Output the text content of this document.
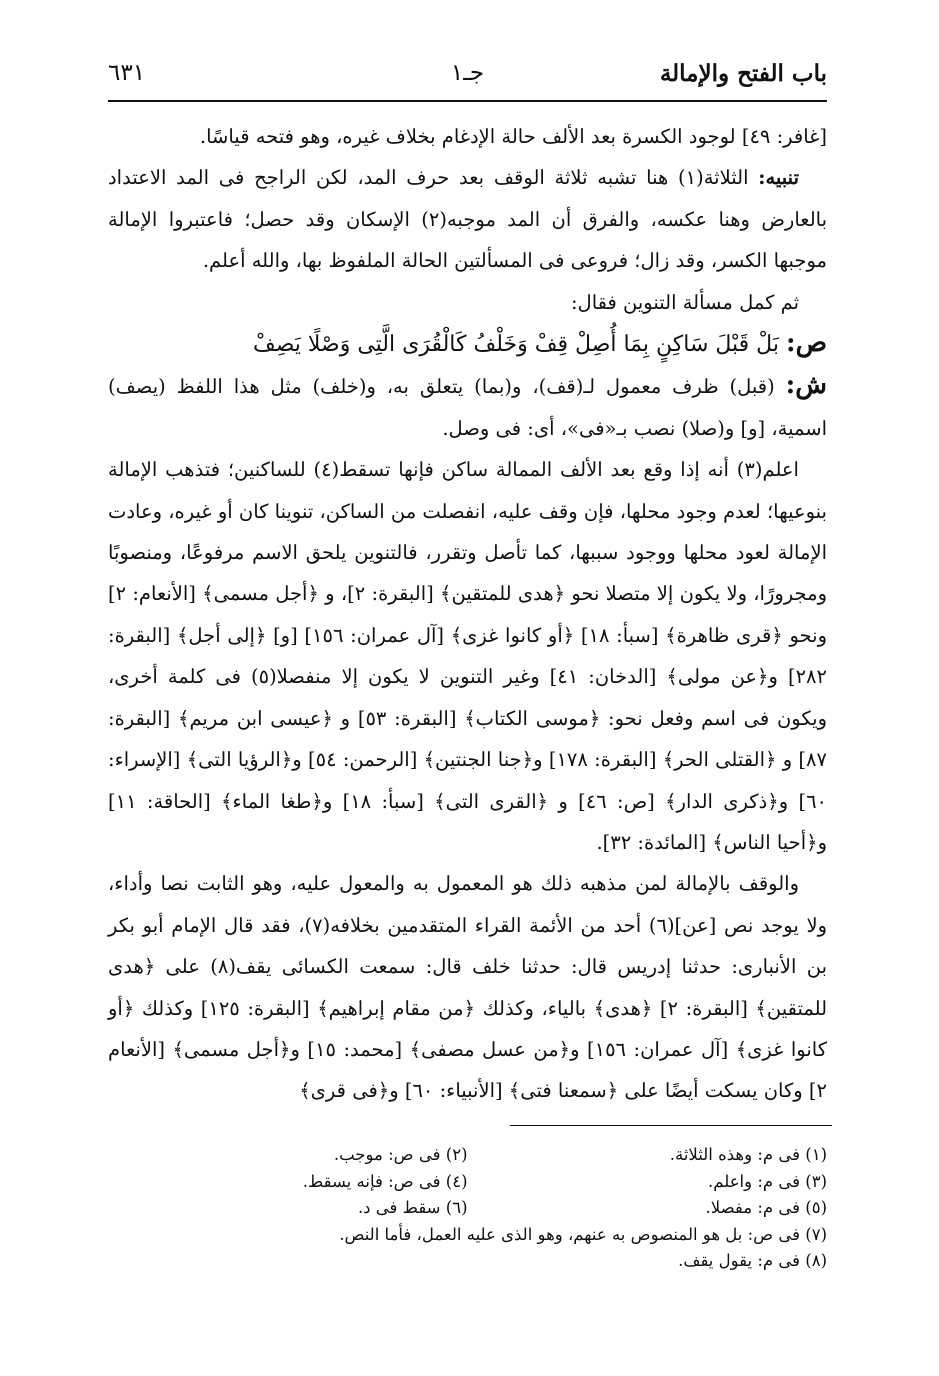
باب الفتح والإمالة
جـ١
٦٣١

[غافر: ٤٩] لوجود الكسرة بعد الألف حالة الإدغام بخلاف غيره، وهو فتحه قياسًا.

تنبيه: الثلاثة(١) هنا تشبه ثلاثة الوقف بعد حرف المد، لكن الراجح فى المد الاعتداد بالعارض وهنا عكسه، والفرق أن المد موجبه(٢) الإسكان وقد حصل؛ فاعتبروا الإمالة موجبها الكسر، وقد زال؛ فروعى فى المسألتين الحالة الملفوظ بها، والله أعلم.

ثم كمل مسألة التنوين فقال:

ص: بَلْ قَبْلَ سَاكِنٍ بِمَا أُصِلْ قِفْ وَخَلْفُ كَالْقُرَى الَّتِى وَصْلًا يَصِفْ

ش: (قبل) ظرف معمول لـ(قف)، و(بما) يتعلق به، و(خلف) مثل هذا اللفظ (يصف) اسمية، [و] و(صلا) نصب بـ«فى»، أى: فى وصل.

اعلم(٣) أنه إذا وقع بعد الألف الممالة ساكن فإنها تسقط(٤) للساكنين؛ فتذهب الإمالة بنوعيها؛ لعدم وجود محلها، فإن وقف عليه، انفصلت من الساكن، تنوينا كان أو غيره، وعادت الإمالة لعود محلها ووجود سببها، كما تأصل وتقرر، فالتنوين يلحق الاسم مرفوعًا، ومنصوبًا ومجرورًا، ولا يكون إلا متصلا نحو ﴿هدى للمتقين﴾ [البقرة: ٢]، و ﴿أجل مسمى﴾ [الأنعام: ٢] ونحو ﴿قرى ظاهرة﴾ [سبأ: ١٨] ﴿أو كانوا غزى﴾ [آل عمران: ١٥٦] [و] ﴿إلى أجل﴾ [البقرة: ٢٨٢] و﴿عن مولى﴾ [الدخان: ٤١] وغير التنوين لا يكون إلا منفصلا(٥) فى كلمة أخرى، ويكون فى اسم وفعل نحو: ﴿موسى الكتاب﴾ [البقرة: ٥٣] و ﴿عيسى ابن مريم﴾ [البقرة: ٨٧] و ﴿القتلى الحر﴾ [البقرة: ١٧٨] و﴿جنا الجنتين﴾ [الرحمن: ٥٤] و﴿الرؤيا التى﴾ [الإسراء: ٦٠] و﴿ذكرى الدار﴾ [ص: ٤٦] و ﴿القرى التى﴾ [سبأ: ١٨] و﴿طغا الماء﴾ [الحاقة: ١١] و﴿أحيا الناس﴾ [المائدة: ٣٢].

والوقف بالإمالة لمن مذهبه ذلك هو المعمول به والمعول عليه، وهو الثابت نصا وأداء، ولا يوجد نص [عن](٦) أحد من الأئمة القراء المتقدمين بخلافه(٧)، فقد قال الإمام أبو بكر بن الأنبارى: حدثنا إدريس قال: حدثنا خلف قال: سمعت الكسائى يقف(٨) على ﴿هدى للمتقين﴾ [البقرة: ٢] ﴿هدى﴾ بالياء، وكذلك ﴿من مقام إبراهيم﴾ [البقرة: ١٢٥] وكذلك ﴿أو كانوا غزى﴾ [آل عمران: ١٥٦] و﴿من عسل مصفى﴾ [محمد: ١٥] و﴿أجل مسمى﴾ [الأنعام ٢] وكان يسكت أيضًا على ﴿سمعنا فتى﴾ [الأنبياء: ٦٠] و﴿فى قرى﴾

(١) فى م: وهذه الثلاثة.
(٢) فى ص: موجب.
(٣) فى م: واعلم.
(٤) فى ص: فإنه يسقط.
(٥) فى م: مفصلا.
(٦) سقط فى د.
(٧) فى ص: بل هو المنصوص به عنهم، وهو الذى عليه العمل، فأما النص.
(٨) فى م: يقول يقف.
